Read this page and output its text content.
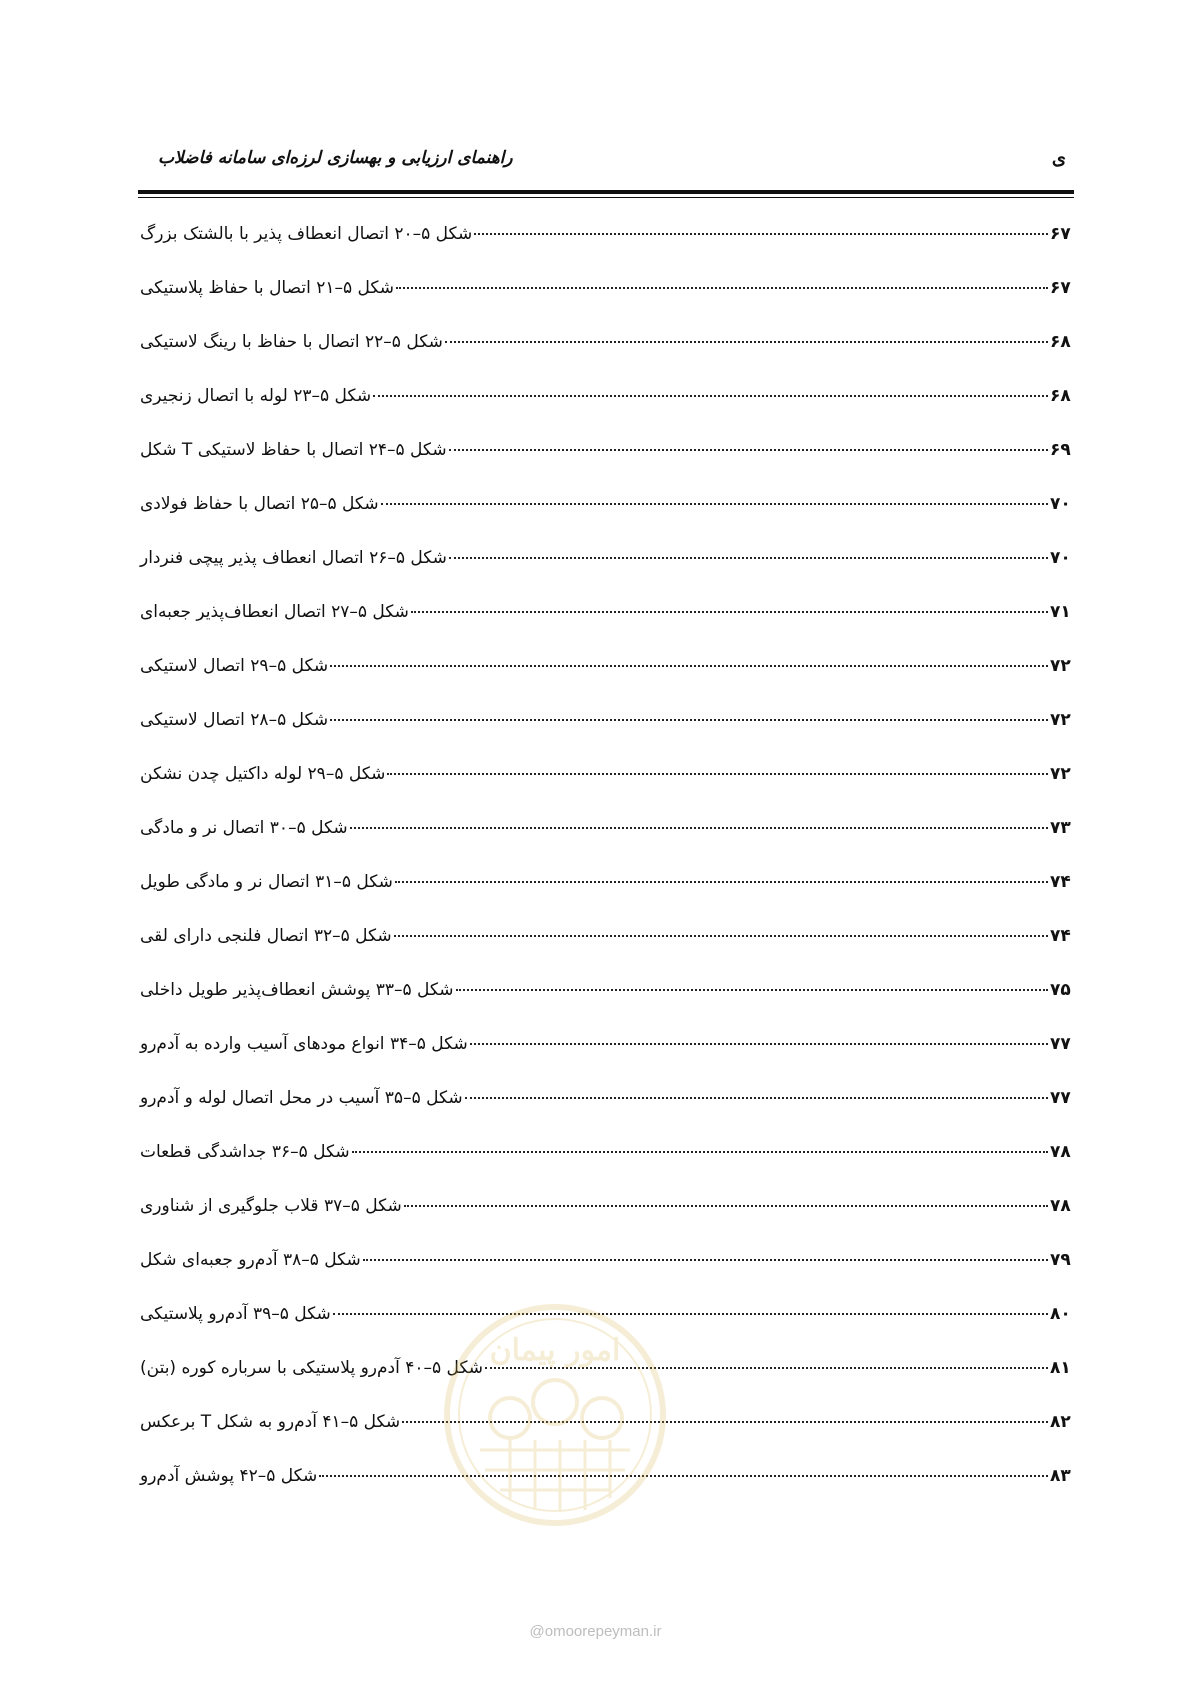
راهنمای ارزیابی و بهسازی لرزه‌ای سامانه فاضلاب	ی
شکل ۵–۲۰ اتصال انعطاف پذیر با بالشتک بزرگ	۶۷
شکل ۵–۲۱ اتصال با حفاظ پلاستیکی	۶۷
شکل ۵–۲۲ اتصال با حفاظ با رینگ لاستیکی	۶۸
شکل ۵–۲۳ لوله با اتصال زنجیری	۶۸
شکل ۵–۲۴ اتصال با حفاظ لاستیکی T شکل	۶۹
شکل ۵–۲۵ اتصال با حفاظ فولادی	۷۰
شکل ۵–۲۶ اتصال انعطاف پذیر پیچی فنردار	۷۰
شکل ۵–۲۷ اتصال انعطاف‌پذیر جعبه‌ای	۷۱
شکل ۵–۲۹ اتصال لاستیکی	۷۲
شکل ۵–۲۸ اتصال لاستیکی	۷۲
شکل ۵–۲۹ لوله داکتیل چدن نشکن	۷۲
شکل ۵–۳۰ اتصال نر و مادگی	۷۳
شکل ۵–۳۱ اتصال نر و مادگی طویل	۷۴
شکل ۵–۳۲ اتصال فلنجی دارای لقی	۷۴
شکل ۵–۳۳ پوشش انعطاف‌پذیر طویل داخلی	۷۵
شکل ۵–۳۴ انواع مودهای آسیب وارده به آدم‌رو	۷۷
شکل ۵–۳۵ آسیب در محل اتصال لوله و آدم‌رو	۷۷
شکل ۵–۳۶ جداشدگی قطعات	۷۸
شکل ۵–۳۷ قلاب جلوگیری از شناوری	۷۸
شکل ۵–۳۸ آدم‌رو جعبه‌ای شکل	۷۹
شکل ۵–۳۹ آدم‌رو پلاستیکی	۸۰
شکل ۵–۴۰ آدم‌رو پلاستیکی با سرباره کوره (بتن)	۸۱
شکل ۵–۴۱ آدم‌رو به شکل T برعکس	۸۲
شکل ۵–۴۲ پوشش آدم‌رو	۸۳
امور پیمان
@omoorepeyman.ir
